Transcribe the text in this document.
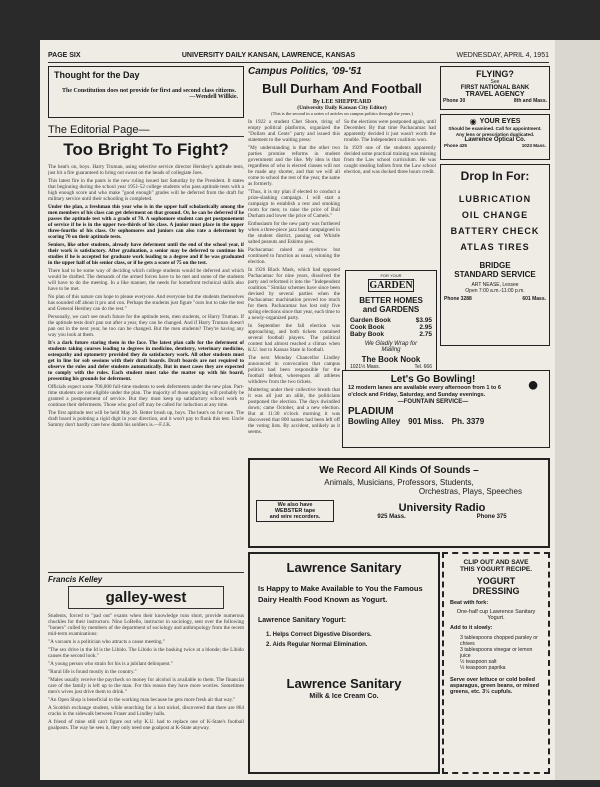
PAGE SIX	UNIVERSITY DAILY KANSAN, LAWRENCE, KANSAS	WEDNESDAY, APRIL 4, 1951
Thought for the Day
The Constitution does not provide for first and second class citizens.
—Wendell Willkie.
The Editorial Page—
Too Bright To Fight?

The heat's on, boys. Harry Truman, using selective service director Hershey's aptitude tests, just hit a fire guaranteed to bring out sweat on the heads of collegiate Joes.

This latest fire in the pants is the new ruling issued last Saturday by the President. It states that beginning during the school year 1951-52 college students who pass aptitude tests with a high enough score and who make "good enough" grades will be deferred from the draft for military service until their schooling is completed.

Under the plan, a freshman this year who is in the upper half scholastically among the men members of his class can get deferment on that ground. Or, he can be deferred if he passes the aptitude test with a grade of 70. A sophomore student can get postponement of service if he is in the upper two-thirds of his class. A junior must place in the upper three-fourths of his class. Or sophomores and juniors can also rate a deferment by scoring 70 on their aptitude tests.

Seniors, like other students, already have deferment until the end of the school year, if their work is satisfactory. After graduation, a senior may be deferred to continue his studies if he is accepted for graduate work leading to a degree and if he was graduated in the upper half of his senior class, or if he gets a score of 75 on the test.

There had to be some way of deciding which college students would be deferred and which would be drafted. The demands of the armed forces have to be met and some of the students will have to do the meeting. In a like manner, the needs for homefront technical skills also have to be met.

No plan of this nature can hope to please everyone. And everyone but the students themselves has sounded off about it pro and con. Perhaps the students just figure "ours but to take the test and General Hershey can do the rest."

Personally, we can't see much future for the aptitude tests, men students, or Harry Truman. If the aptitude tests don't pan out after a year, they can be changed. And if Harry Truman doesn't pan out in the next year, he too can be changed. But the men students? They're having any way you look at them.

It's a dark future staring them in the face. The latest plan calls for the deferment of students taking courses leading to degrees in medicine, dentistry, veterinary medicine, osteopathy and optometry provided they do satisfactory work. All other students must get in line for sob sessions with their draft boards. Draft boards are not required to observe the rules and defer students automatically. But in most cases they are expected to comply with the rules. Each student must take the matter up with his board, presenting his grounds for deferment.

Officials expect some 700,000 full-time students to seek deferments under the new plan. Part-time students are not eligible under the plan. The majority of those applying will probably be granted a postponement of service. But they must keep up satisfactory school work to continue their deferments. Those who goof off may be called for induction at any time.

The first aptitude test will be held May 26. Better brush up, boys. The heat's on for sure. The draft board is pointing a rigid digit in your direction, and it won't pay to flunk this test. Uncle Sammy don't hardly care how dumb his soldiers is.—F.J.K.

Francis Kelley
galley-west

Students, forced to "pad out" exams when their knowledge runs short, provide numerous chuckles for their instructors. Nino LoBello, instructor in sociology, sent over the following "boners" culled by members of the department of sociology and anthropology from the recent mid-term examinations:

"A vacuum is a politician who attracts a cause meeting."

"The sex drive in the Id is the Libido. The Libido is the basking twice at a blonde; the Libido causes the second look."

"A young person who strain for his is a jubilant delinquent."

"Rural life is found mostly in the country."

"Males usually receive the paycheck so money for alcohol is available to them. The financial care of the family is left up to the man. For this reason they have more worries. Sometimes men's wives just drive them to drink."

"An Open Shop is beneficial to the working man because he gets more fresh air that way."

A Scottish exchange student, while searching for a lost nickel, discovered that there are 864 cracks in the sidewalk between Fraser and Lindley halls.

A friend of mine still can't figure out why K.U. had to replace one of K-State's football goalposts. The way he sees it, they only need one goalpost at K-State anyway.

Campus Politics, '09-'51
Bull Durham And Football
By LEE SHEPPEARD
(University Daily Kansan City Editor)
(This is the second in a series of articles on campus politics through the years.)

In 1922 a student Chet Shore, tiring of empty political platforms, organized the "Dollars and Cents" party and issued this statement to the waiting press:

"My understanding is that the other two parties promise reforms in student government and the like. My idea is that regardless of who is elected classes will not be made any shorter, and that we will all come to school the rest of the year, the same as formerly.

"Thus, it is my plan if elected to conduct a prize-slashing campaign. I will start a campaign to establish a rest and smoking room for men; to raise the price of Bull Durham and lower the price of Camels."

Enthusiasm for the new party was furthered when a three-piece jazz band campaigned in the student district, passing out Whistle salted peanuts and Eskimo pies.

Pachacamac raised an eyebrow but continued to function as usual, winning the election.

In 1926 Black Mask, which had opposed Pachacamac for nine years, dissolved the party and reformed it into the "Independent coalition." Similar schemes have since been devised by several parties when the Pachacamac machination proved too much for them. Pachacamac has lost only five spring elections since that year, each time to a newly-organized party.

In September the fall election was approaching, and both tickets contained several football players. The political contest had almost reached a climax when K.U. lost to Kansas State in football.

The next Monday Chancellor Lindley announced in convocation that campus politics had been responsible for the football defeat, whereupon all athletes withdrew from the two tickets.

Muttering under their collective breath that it was all just an alibi, the politicians postponed the election. The days dwindled down; came October, and a new election. But at 11:30 o'clock morning it was discovered that 800 names had been left off the voting lists. By accident, unlikely as it seems.

So the elections were postponed again, until December. By that time Pachacamac had apparently decided it just wasn't worth the trouble. The Independent coalition won.

In 1929 one of the students apparently decided some practical training was missing from the Law school curriculum. He was caught stealing ballots from the Law school election, and was docked three hours credit.

FLYING?
See
FIRST NATIONAL BANK
TRAVEL AGENCY
Phone 30	8th and Mass.
◉ YOUR EYES
Should be examined. Call for appointment. Any lens or prescription duplicated.
Lawrence Optical Co.
Phone 425	1023 Mass.
Drop In For:
LUBRICATION
OIL CHANGE
BATTERY CHECK
ATLAS TIRES
BRIDGE
STANDARD SERVICE
ART NEASE, Lessee
Open 7:00 a.m.-11:00 p.m.
Phone 3288	601 Mass.
FOR YOUR
GARDEN
BETTER HOMES
and GARDENS
Garden Book	$3.95
Cook Book	2.95
Baby Book	2.75
We Gladly Wrap for
Mailing
The Book Nook
1021½ Mass.	Tel. 666
Let's Go Bowling!
12 modern lanes are available every afternoon from 1 to 6 o'clock and Friday, Saturday, and Sunday evenings.
—FOUNTAIN SERVICE—
●
PLADIUM
Bowling Alley 901 Miss. Ph. 3379
We Record All Kinds Of Sounds –
Animals, Musicians, Professors, Students,
Orchestras, Plays, Speeches
We also have
WEBSTER tape
and wire recorders.
University Radio
925 Mass.	Phone 375
Lawrence Sanitary
Is Happy to Make Available to You the Famous Dairy Health Food Known as Yogurt.
Lawrence Sanitary Yogurt:
1. Helps Correct Digestive Disorders.
2. Aids Regular Normal Elimination.
Lawrence Sanitary
Milk & Ice Cream Co.
CLIP OUT AND SAVE
THIS YOGURT RECIPE.
YOGURT
DRESSING
Beat with fork:
One-half cup Lawrence Sanitary Yogurt.
Add to it slowly:
3 tablespoons chopped parsley or chives
3 tablespoons vinegar or lemon juice
½ teaspoon salt
½ teaspoon paprika
Serve over lettuce or cold boiled asparagus, green beans, or mixed greens, etc. 3½ cupfuls.
